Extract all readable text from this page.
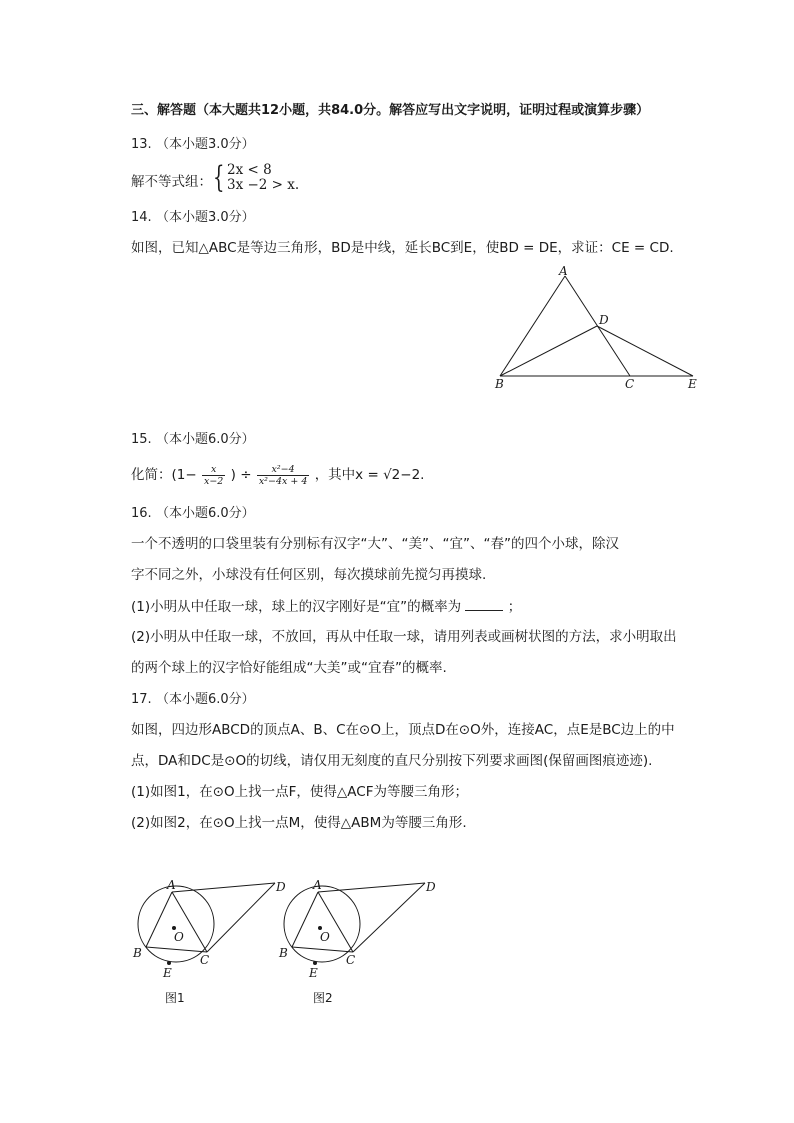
三、解答题（本大题共12小题，共84.0分。解答应写出文字说明，证明过程或演算步骤）
13. （本小题3.0分）
解不等式组： { 2x < 8
3x −2 > x.
14. （本小题3.0分）
如图，已知△ABC是等边三角形，BD是中线，延长BC到E，使BD = DE，求证：CE = CD.
A
D
B	C	E
15. （本小题6.0分）
化简：($1- \frac{x}{x-2}$ ) ÷ $\frac{\text{x²−4}}{\text{x²−4x + 4}}$ ，其中x = √2−2.
16. （本小题6.0分）
一个不透明的口袋里装有分别标有汉字“大”、“美”、“宜”、“春”的四个小球，除汉
字不同之外，小球没有任何区别，每次摸球前先搅匀再摸球.
(1)小明从中任取一球，球上的汉字刚好是“宜”的概率为	；
(2)小明从中任取一球，不放回，再从中任取一球，请用列表或画树状图的方法，求小明取出
的两个球上的汉字恰好能组成“大美”或“宜春”的概率.
17. （本小题6.0分）
如图，四边形ABCD的顶点A、B、C在⊙O上，顶点D在⊙O外，连接AC，点E是BC边上的中
点，DA和DC是⊙O的切线，请仅用无刻度的直尺分别按下列要求画图(保留画图痕迹迹).
(1)如图1，在⊙O上找一点F，使得△ACF为等腰三角形；
(2)如图2，在⊙O上找一点M，使得△ABM为等腰三角形.
A	D
O
B	C
E
图1
A	D
O
B	C
E
图2
